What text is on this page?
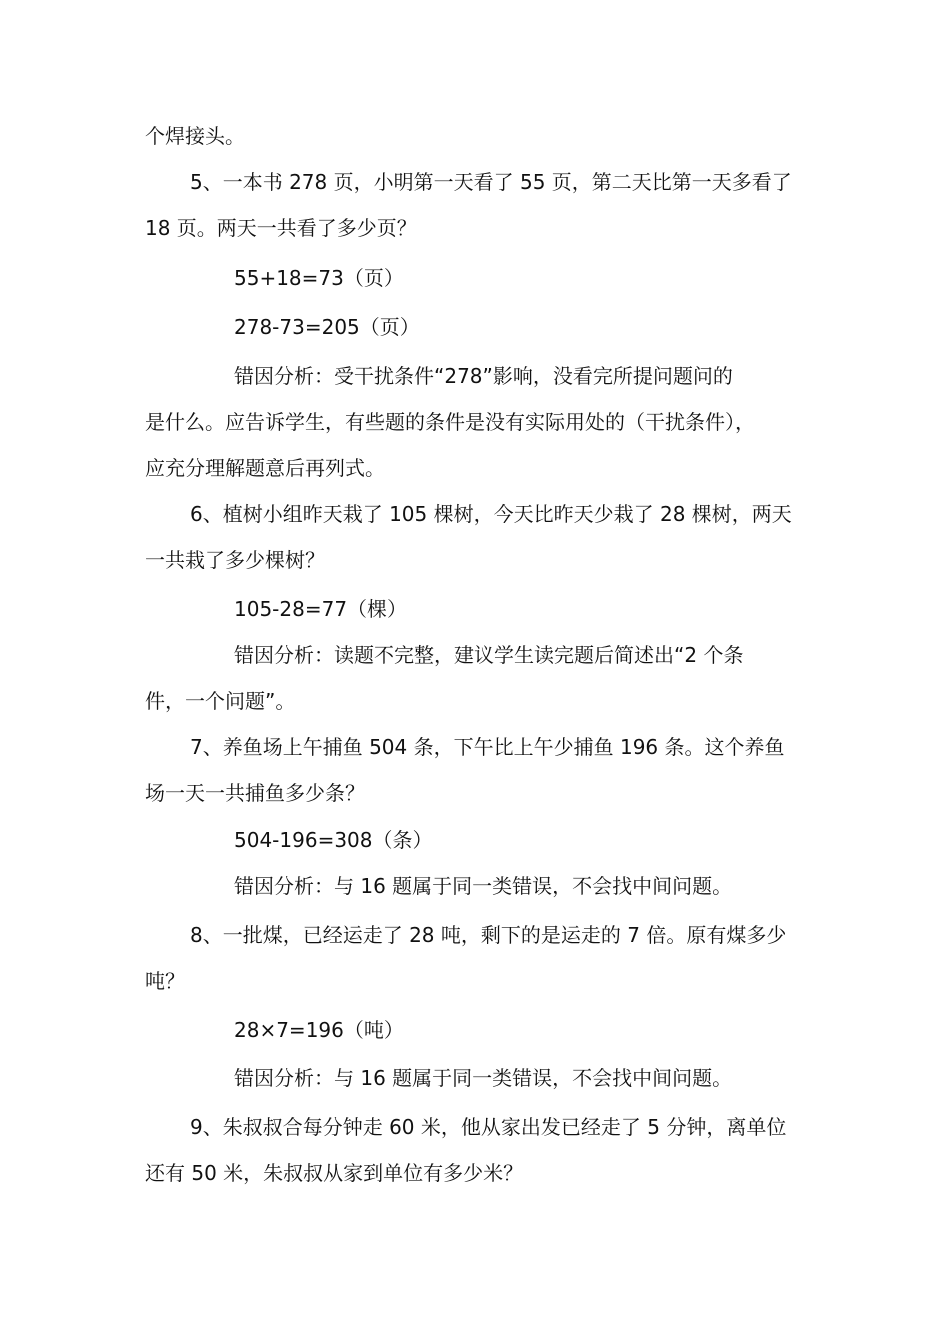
个焊接头。
5、一本书 278 页，小明第一天看了 55 页，第二天比第一天多看了
18 页。两天一共看了多少页？
55+18=73（页）
278-73=205（页）
错因分析：受干扰条件“278”影响，没看完所提问题问的
是什么。应告诉学生，有些题的条件是没有实际用处的（干扰条件），
应充分理解题意后再列式。
6、植树小组昨天栽了 105 棵树，今天比昨天少栽了 28 棵树，两天
一共栽了多少棵树？
105-28=77（棵）
错因分析：读题不完整，建议学生读完题后简述出“2 个条
件，一个问题”。
7、养鱼场上午捕鱼 504 条，下午比上午少捕鱼 196 条。这个养鱼
场一天一共捕鱼多少条？
504-196=308（条）
错因分析：与 16 题属于同一类错误，不会找中间问题。
8、一批煤，已经运走了 28 吨，剩下的是运走的 7 倍。原有煤多少
吨？
28×7=196（吨）
错因分析：与 16 题属于同一类错误，不会找中间问题。
9、朱叔叔合每分钟走 60 米，他从家出发已经走了 5 分钟，离单位
还有 50 米，朱叔叔从家到单位有多少米？
